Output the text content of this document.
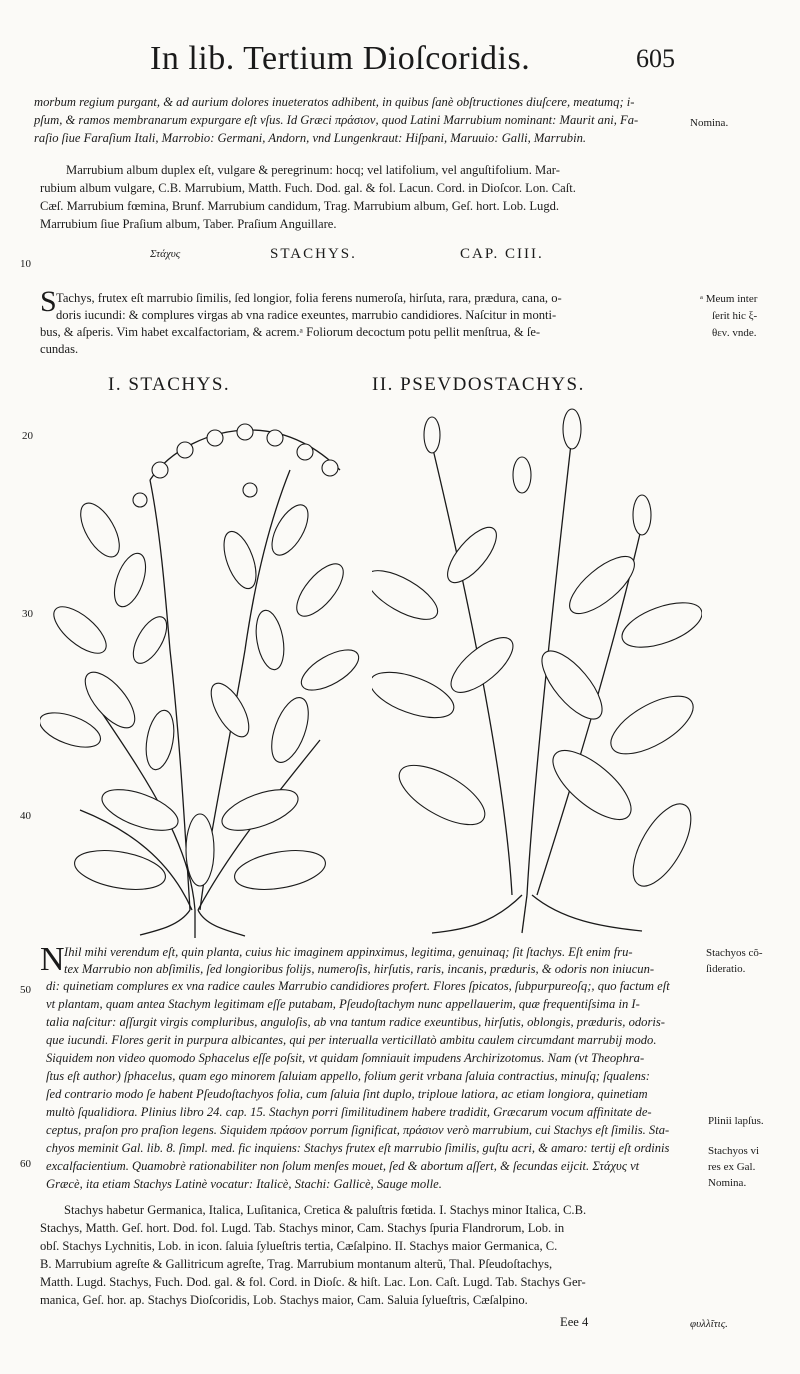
In lib. Tertium Dioſcoridis.	605
morbum regium purgant, & ad aurium dolores inueteratos adhibent, in quibus ſanè obſtructiones diuſcere, meatumq; i-
pſum, & ramos membranarum expurgare eſt vſus. Id Græci πράσιον, quod Latini Marrubium nominant: Maurit ani, Fa-
raſio ſiue Faraſium Itali, Marrobio: Germani, Andorn, vnd Lungenkraut: Hiſpani, Maruuio: Galli, Marrubin.
Nomina.
Marrubium album duplex eſt, vulgare & peregrinum: hocq; vel latifolium, vel anguſtifolium. Mar-
rubium album vulgare, C.B. Marrubium, Matth. Fuch. Dod. gal. & fol. Lacun. Cord. in Dioſcor. Lon. Caſt.
Cæſ. Marrubium fœmina, Brunf. Marrubium candidum, Trag. Marrubium album, Geſ. hort. Lob. Lugd.
Marrubium ſiue Praſium album, Taber. Praſium Anguillare.
10
Στάχυς	STACHYS.	CAP. CIII.
S Tachys, frutex eſt marrubio ſimilis, ſed longior, folia ferens numeroſa, hirſuta, rara, prædura, cana, o-
doris iucundi: & complures virgas ab vna radice exeuntes, marrubio candidiores. Naſcitur in monti-
bus, & aſperis. Vim habet excalfactoriam, & acrem.ᵃ Foliorum decoctum potu pellit menſtrua, & ſe-
cundas.
ᵃ Meum inter
ſerit hic ξ-
θεν. vnde.
I. STACHYS.	II. PSEVDOSTACHYS.
20
30
40
50
60
N Ihil mihi verendum eſt, quin planta, cuius hic imaginem appinximus, legitima, genuinaq; ſit ſtachys. Eſt enim fru-
tex Marrubio non abſimilis, ſed longioribus folijs, numeroſis, hirſutis, raris, incanis, præduris, & odoris non iniucun-
di: quinetiam complures ex vna radice caules Marrubio candidiores profert. Flores ſpicatos, ſubpurpureoſq;, quo factum eſt
vt plantam, quam antea Stachym legitimam eſſe putabam, Pſeudoſtachym nunc appellauerim, quæ frequentiſsima in I-
talia naſcitur: aſſurgit virgis compluribus, anguloſis, ab vna tantum radice exeuntibus, hirſutis, oblongis, præduris, odoris-
que iucundi. Flores gerit in purpura albicantes, qui per interualla verticillatò ambitu caulem circumdant marrubij modo.
Siquidem non video quomodo Sphacelus eſſe poſsit, vt quidam ſomniauit impudens Archirizotomus. Nam (vt Theophra-
ſtus eſt author) ſphacelus, quam ego minorem ſaluiam appello, folium gerit vrbana ſaluia contractius, minuſq; ſqualens:
ſed contrario modo ſe habent Pſeudoſtachyos folia, cum ſaluia ſint duplo, triploue latiora, ac etiam longiora, quinetiam
multò ſqualidiora. Plinius libro 24. cap. 15. Stachyn porri ſimilitudinem habere tradidit, Græcarum vocum affinitate de-
ceptus, praſon pro praſion legens. Siquidem πράσον porrum ſignificat, πράσιον verò marrubium, cui Stachys eſt ſimilis. Sta-
chyos meminit Gal. lib. 8. ſimpl. med. fic inquiens: Stachys frutex eſt marrubio ſimilis, guſtu acri, & amaro: tertij eſt ordinis
excalfacientium. Quamobrè rationabiliter non ſolum menſes mouet, ſed & abortum aſſert, & ſecundas eijcit. Στάχυς vt
Græcè, ita etiam Stachys Latinè vocatur: Italicè, Stachi: Gallicè, Sauge molle.
Stachyos cõ-
ſideratio.
Plinii lapſus.
Stachyos vi
res ex Gal.
Nomina.
Stachys habetur Germanica, Italica, Luſitanica, Cretica & paluſtris fœtida. I. Stachys minor Italica, C.B.
Stachys, Matth. Geſ. hort. Dod. fol. Lugd. Tab. Stachys minor, Cam. Stachys ſpuria Flandrorum, Lob. in
obſ. Stachys Lychnitis, Lob. in icon. ſaluia ſylueſtris tertia, Cæſalpino. II. Stachys maior Germanica, C.
B. Marrubium agreſte & Gallitricum agreſte, Trag. Marrubium montanum alterũ, Thal. Pſeudoſtachys,
Matth. Lugd. Stachys, Fuch. Dod. gal. & fol. Cord. in Dioſc. & hiſt. Lac. Lon. Caſt. Lugd. Tab. Stachys Ger-
manica, Geſ. hor. ap. Stachys Dioſcoridis, Lob. Stachys maior, Cam. Saluia ſylueſtris, Cæſalpino.
Eee 4	φυλλῖτις.
